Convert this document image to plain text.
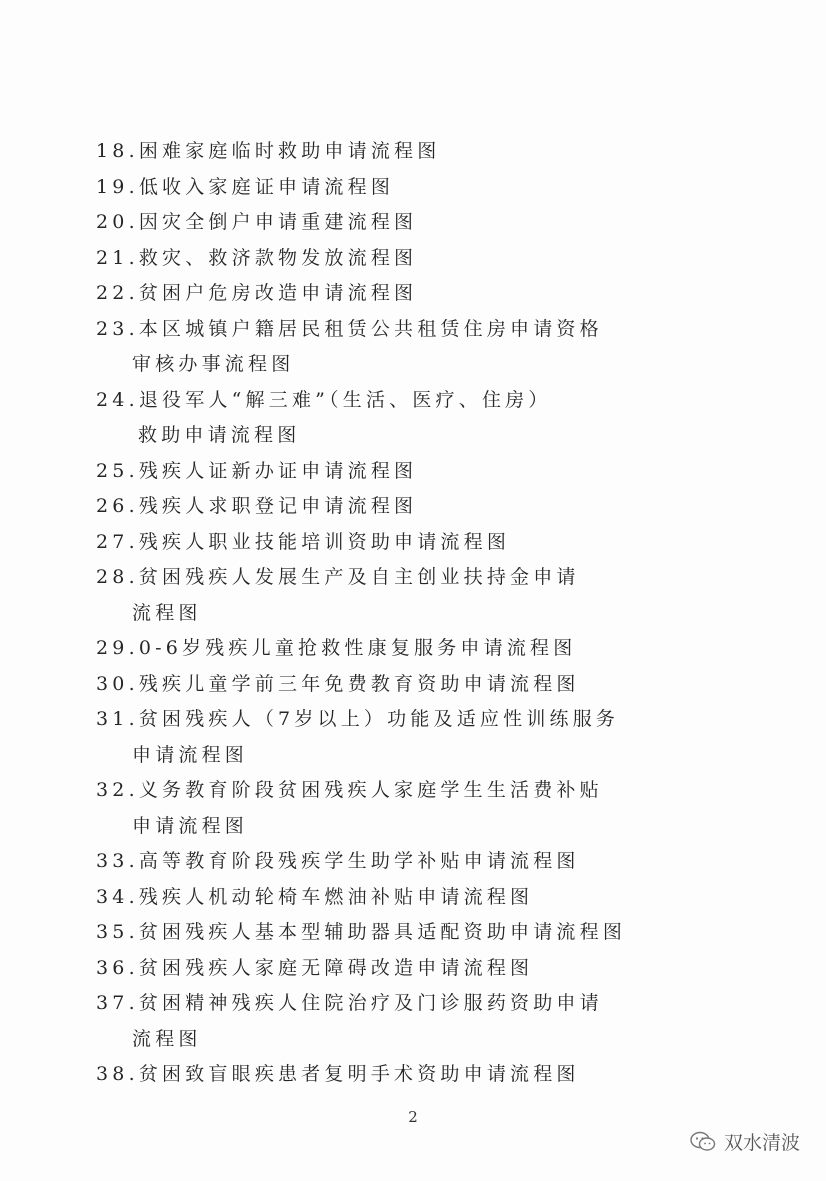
18.困难家庭临时救助申请流程图
19.低收入家庭证申请流程图
20.因灾全倒户申请重建流程图
21.救灾、救济款物发放流程图
22.贫困户危房改造申请流程图
23.本区城镇户籍居民租赁公共租赁住房申请资格
审核办事流程图
24.退役军人“解三难”（生活、医疗、住房）
救助申请流程图
25.残疾人证新办证申请流程图
26.残疾人求职登记申请流程图
27.残疾人职业技能培训资助申请流程图
28.贫困残疾人发展生产及自主创业扶持金申请
流程图
29.0-6岁残疾儿童抢救性康复服务申请流程图
30.残疾儿童学前三年免费教育资助申请流程图
31.贫困残疾人（7岁以上）功能及适应性训练服务
申请流程图
32.义务教育阶段贫困残疾人家庭学生生活费补贴
申请流程图
33.高等教育阶段残疾学生助学补贴申请流程图
34.残疾人机动轮椅车燃油补贴申请流程图
35.贫困残疾人基本型辅助器具适配资助申请流程图
36.贫困残疾人家庭无障碍改造申请流程图
37.贫困精神残疾人住院治疗及门诊服药资助申请
流程图
38.贫困致盲眼疾患者复明手术资助申请流程图
2
双水清波
